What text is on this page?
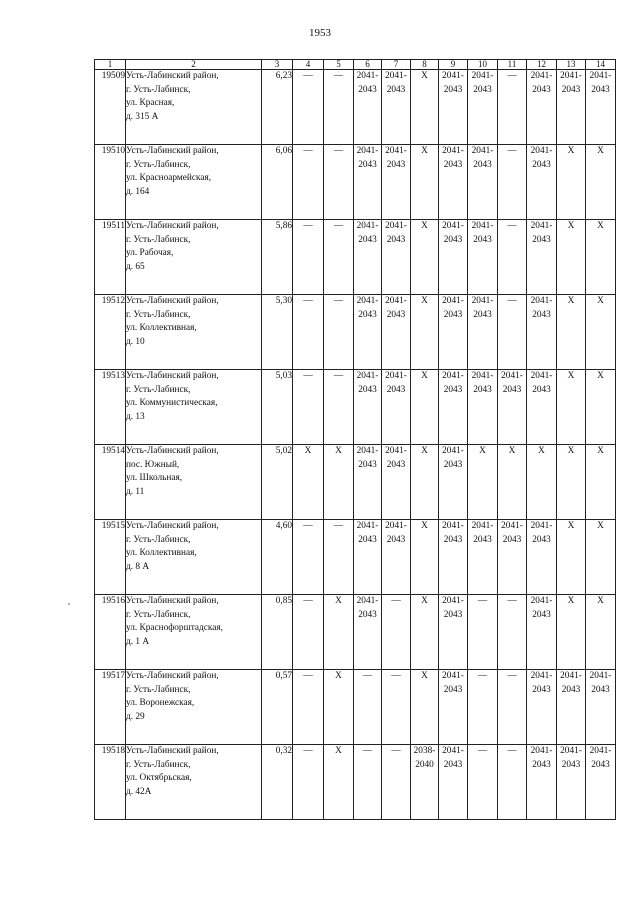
1953
1	2	3	4	5	6	7	8	9	10	11	12	13	14
19509	Усть-Лабинский район,
г. Усть-Лабинск,
ул. Красная,
д. 315 А	6,23	—	—	2041-
2043	2041-
2043	X	2041-
2043	2041-
2043	—	2041-
2043	2041-
2043	2041-
2043
19510	Усть-Лабинский район,
г. Усть-Лабинск,
ул. Красноармейская,
д. 164	6,06	—	—	2041-
2043	2041-
2043	X	2041-
2043	2041-
2043	—	2041-
2043	X	X
19511	Усть-Лабинский район,
г. Усть-Лабинск,
ул. Рабочая,
д. 65	5,86	—	—	2041-
2043	2041-
2043	X	2041-
2043	2041-
2043	—	2041-
2043	X	X
19512	Усть-Лабинский район,
г. Усть-Лабинск,
ул. Коллективная,
д. 10	5,30	—	—	2041-
2043	2041-
2043	X	2041-
2043	2041-
2043	—	2041-
2043	X	X
19513	Усть-Лабинский район,
г. Усть-Лабинск,
ул. Коммунистическая,
д. 13	5,03	—	—	2041-
2043	2041-
2043	X	2041-
2043	2041-
2043	2041-
2043	2041-
2043	X	X
19514	Усть-Лабинский район,
пос. Южный,
ул. Школьная,
д. 11	5,02	X	X	2041-
2043	2041-
2043	X	2041-
2043	X	X	X	X	X
19515	Усть-Лабинский район,
г. Усть-Лабинск,
ул. Коллективная,
д. 8 А	4,60	—	—	2041-
2043	2041-
2043	X	2041-
2043	2041-
2043	2041-
2043	2041-
2043	X	X
19516	Усть-Лабинский район,
г. Усть-Лабинск,
ул. Краснофорштадская,
д. 1 А	0,85	—	X	2041-
2043	—	X	2041-
2043	—	—	2041-
2043	X	X
19517	Усть-Лабинский район,
г. Усть-Лабинск,
ул. Воронежская,
д. 29	0,57	—	X	—	—	X	2041-
2043	—	—	2041-
2043	2041-
2043	2041-
2043
19518	Усть-Лабинский район,
г. Усть-Лабинск,
ул. Октябрьская,
д. 42А	0,32	—	X	—	—	2038-
2040	2041-
2043	—	—	2041-
2043	2041-
2043	2041-
2043
